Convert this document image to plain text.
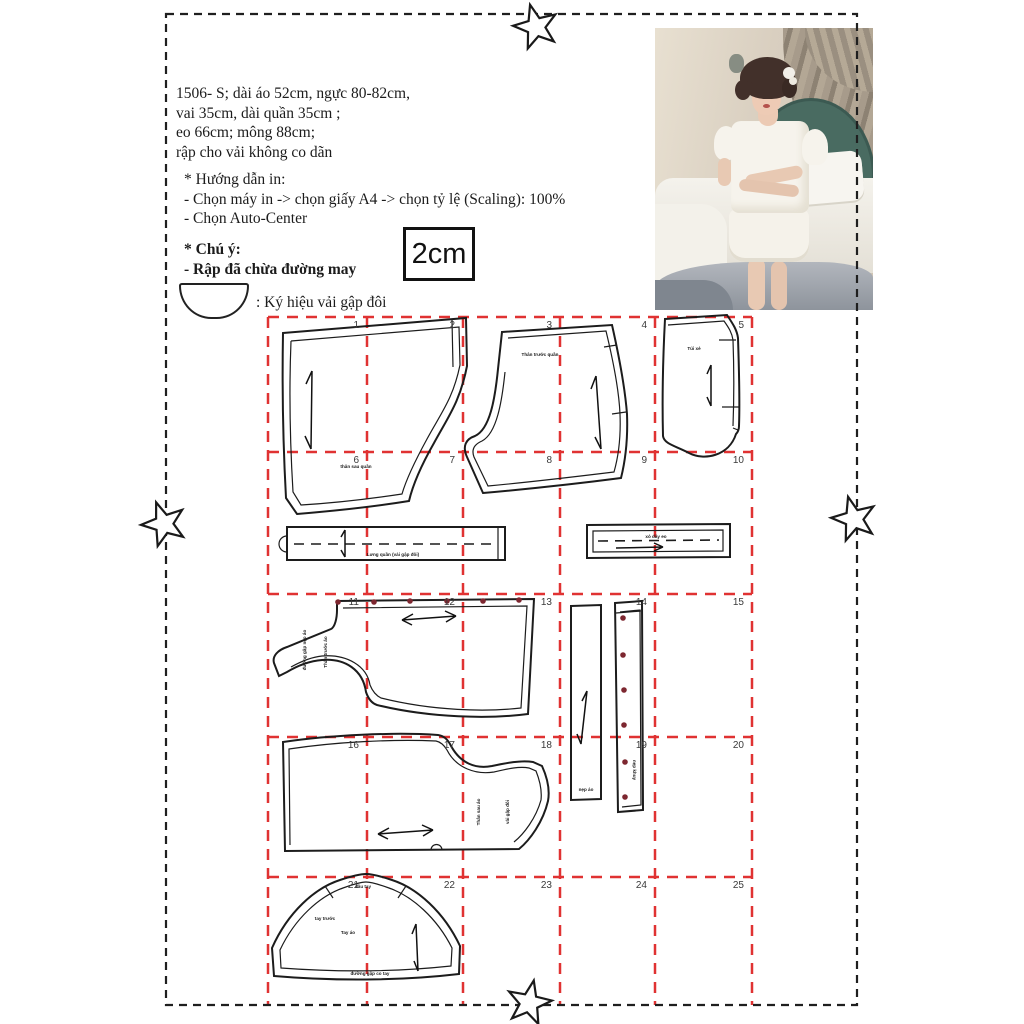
1506- S; dài áo 52cm, ngực 80-82cm,
vai 35cm, dài quần 35cm ;
eo 66cm; mông 88cm;
rập cho vải không co dãn
* Hướng dẫn in:
- Chọn máy in -> chọn giấy A4 -> chọn tỷ lệ (Scaling): 100%
- Chọn Auto-Center
* Chú ý:
- Rập đã chừa đường may 2cm
: Ký hiệu vải gập đôi
thân sau quần
Thân trước quần
Túi xẻ
Lưng quần (vải gập đôi)
xỏ dây eo
đường gập nẹp áo	Thân trước áo
nẹp áo
nẹp khuy
Thân sau áo	vải gập đôi
đầu tay
tay trước
Tay áo
đường gập co tay
1	2	3	4	5
6	7	8	9	10
11	12	13	14	15
16	17	18	19	20
21	22	23	24	25
